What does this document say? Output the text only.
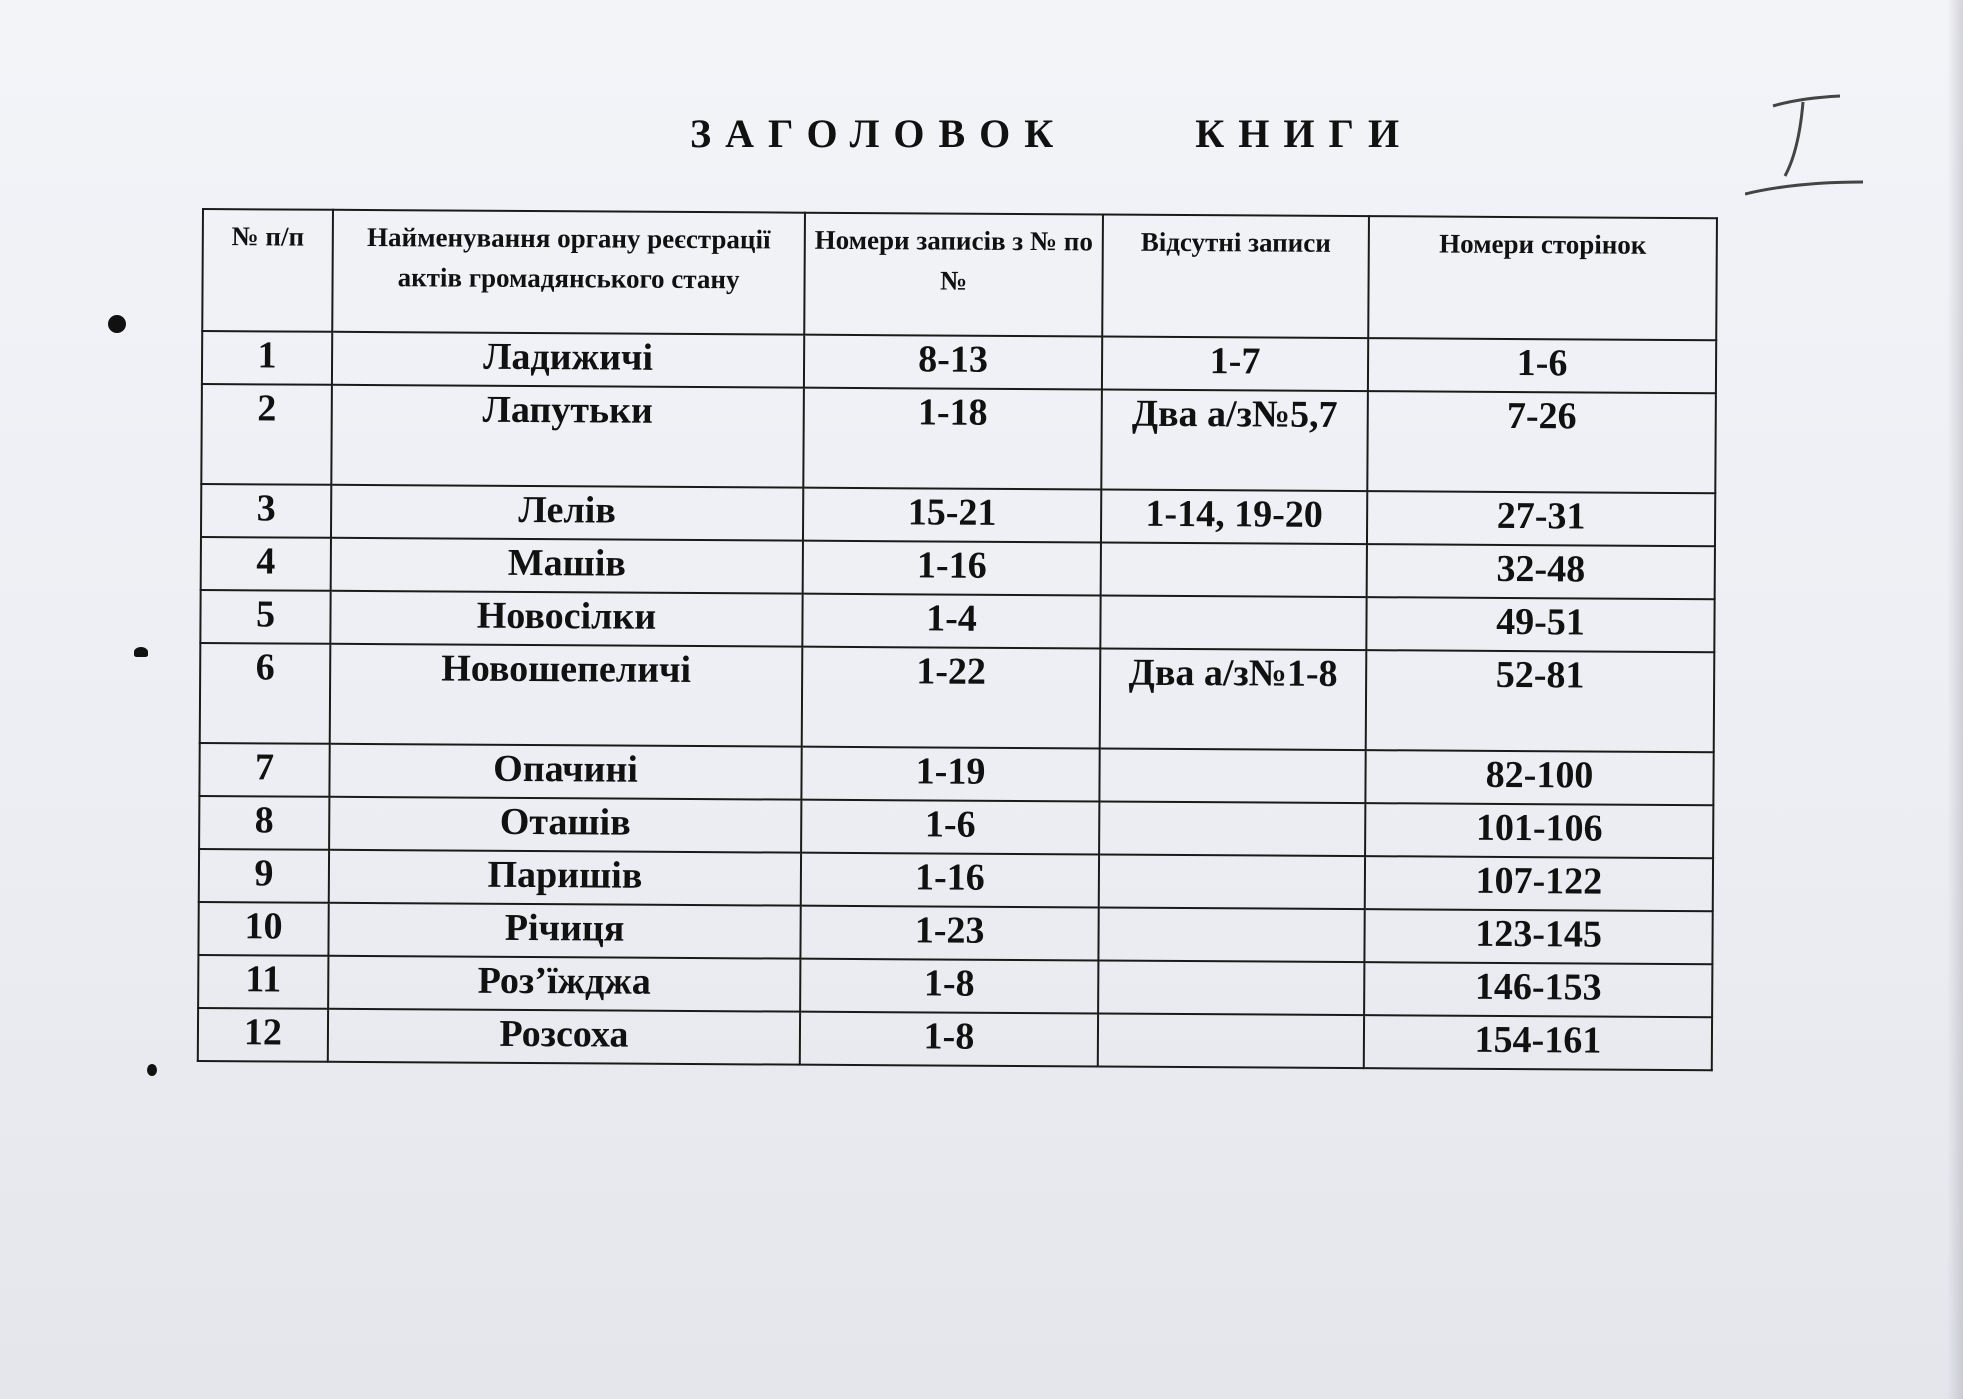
ЗАГОЛОВОК  КНИГИ
№ п/п	Найменування органу реєстрації актів громадянського стану	Номери записів з № по №	Відсутні записи	Номери сторінок
1	Ладижичі	8-13	1-7	1-6
2	Лапутьки	1-18	Два а/з№5,7	7-26
3	Лелів	15-21	1-14, 19-20	27-31
4	Машів	1-16		32-48
5	Новосілки	1-4		49-51
6	Новошепеличі	1-22	Два а/з№1-8	52-81
7	Опачині	1-19		82-100
8	Оташів	1-6		101-106
9	Паришів	1-16		107-122
10	Річиця	1-23		123-145
11	Роз’їжджа	1-8		146-153
12	Розсоха	1-8		154-161
